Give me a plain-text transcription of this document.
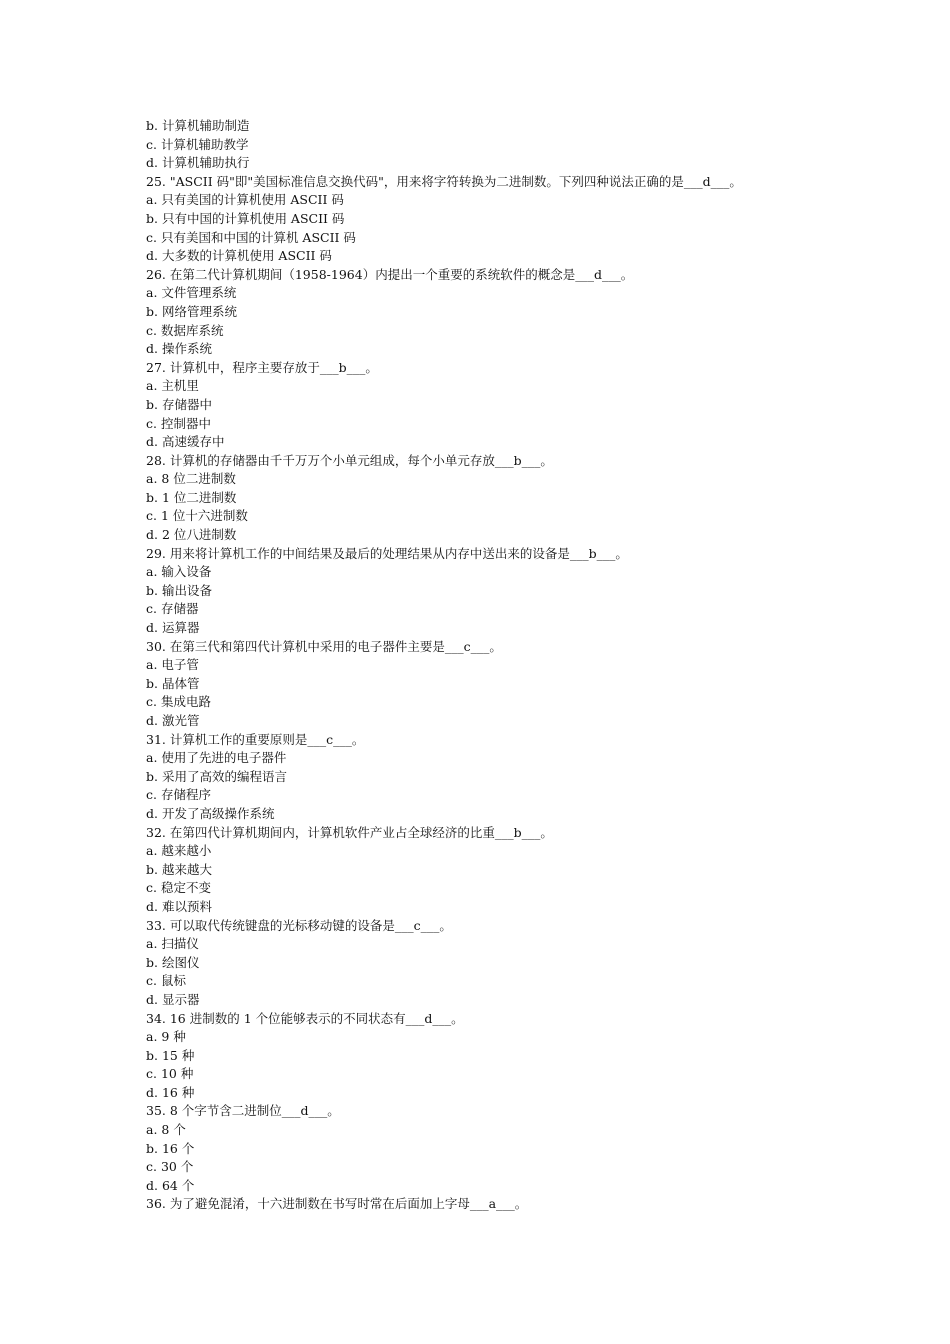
b. 计算机辅助制造
c. 计算机辅助教学
d. 计算机辅助执行
25. "ASCII 码"即"美国标准信息交换代码"，用来将字符转换为二进制数。下列四种说法正确的是___d___。
a. 只有美国的计算机使用 ASCII 码
b. 只有中国的计算机使用 ASCII 码
c. 只有美国和中国的计算机 ASCII 码
d. 大多数的计算机使用 ASCII 码
26. 在第二代计算机期间（1958-1964）内提出一个重要的系统软件的概念是___d___。
a. 文件管理系统
b. 网络管理系统
c. 数据库系统
d. 操作系统
27. 计算机中，程序主要存放于___b___。
a. 主机里
b. 存储器中
c. 控制器中
d. 高速缓存中
28. 计算机的存储器由千千万万个小单元组成，每个小单元存放___b___。
a. 8 位二进制数
b. 1 位二进制数
c. 1 位十六进制数
d. 2 位八进制数
29. 用来将计算机工作的中间结果及最后的处理结果从内存中送出来的设备是___b___。
a. 输入设备
b. 输出设备
c. 存储器
d. 运算器
30. 在第三代和第四代计算机中采用的电子器件主要是___c___。
a. 电子管
b. 晶体管
c. 集成电路
d. 激光管
31. 计算机工作的重要原则是___c___。
a. 使用了先进的电子器件
b. 采用了高效的编程语言
c. 存储程序
d. 开发了高级操作系统
32. 在第四代计算机期间内，计算机软件产业占全球经济的比重___b___。
a. 越来越小
b. 越来越大
c. 稳定不变
d. 难以预料
33. 可以取代传统键盘的光标移动键的设备是___c___。
a. 扫描仪
b. 绘图仪
c. 鼠标
d. 显示器
34. 16 进制数的 1 个位能够表示的不同状态有___d___。
a. 9 种
b. 15 种
c. 10 种
d. 16 种
35. 8 个字节含二进制位___d___。
a. 8 个
b. 16 个
c. 30 个
d. 64 个
36. 为了避免混淆，十六进制数在书写时常在后面加上字母___a___。
